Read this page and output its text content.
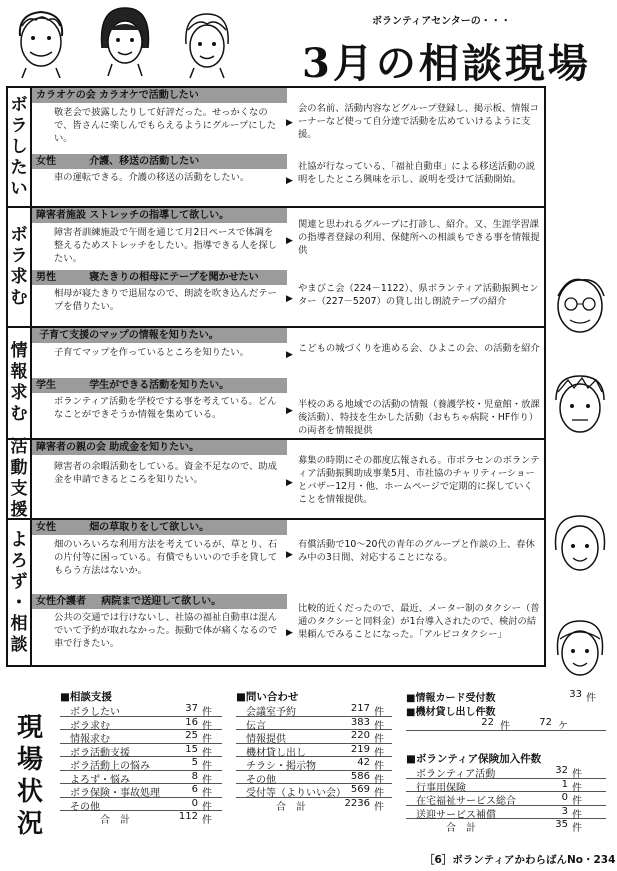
ボランティアセンターの・・・
3月の相談現場
ボ
ラ
し
た
い
カラオケの会 カラオケで活動したい
敬老会で披露したりして好評だった。せっかくなので、皆さんに楽しんでもらえるようにグループにしたい。
▶
会の名前、活動内容などグループ登録し、掲示板、情報コーナーなど使って自分達で活動を広めていけるように支援。
女性	介護、移送の活動したい
車の運転できる。介護の移送の活動をしたい。	▶
社協が行なっている、「福祉自動車」による移送活動の説明をしたところ興味を示し、説明を受けて活動開始。
ボ
ラ
求
む
障害者施設 ストレッチの指導して欲しい。
障害者訓練施設で午間を通じて月2日ペースで体調を整えるためストレッチをしたい。指導できる人を探したい。
▶
関連と思われるグループに打診し、紹介。又、生涯学習課の指導者登録の利用、保健所への相談もできる事を情報提供
男性	寝たきりの相母にテープを聞かせたい
相母が寝たきりで退屈なので、朗読を吹き込んだテープを借りたい。
▶
やまびこ会（224－1122）、県ボランティア活動振興センター（227－5207）の貸し出し朗読テープの紹介
情
報
求
む
子育て支援のマップの情報を知りたい。
子育てマップを作っているところを知りたい。	▶
こどもの城づくりを進める会、ひよこの会、の活動を紹介
学生	学生ができる活動を知りたい。
ボランティア活動を学校でする事を考えている。どんなことができそうか情報を集めている。	▶
半校のある地域での活動の情報（養護学校・児童館・放課後活動）、特技を生かした活動（おもちゃ病院・HF作り）の両者を情報提供
活
動
支
援
障害者の親の会 助成金を知りたい。
障害者の余暇活動をしている。資金不足なので、助成金を申請できるところを知りたい。	▶
募集の時期にその都度広報される。市ボラセンのボランティア活動振興助成事業5月、市社協のチャリティーショーとバザー12月・他、ホームページで定期的に探していくことを情報提供。
よ
ろ
ず
・
相
談
女性	畑の草取りをして欲しい。
畑のいろいろな利用方法を考えているが、草とり、石の片付等に困っている。有償でもいいので手を貸してもらう方法はないか。
▶
有償活動で10～20代の青年のグループと作談の上、春休み中の3日間、対応することになる。
女性介護者 病院まで送迎して欲しい。
公共の交通では行けないし、社協の福祉自動車は混んでいて予約が取れなかった。振動で体が痛くなるので車で行きたい。
▶
比較的近くだったので、最近、メーター制のタクシー（普通のタクシーと同料金）が1台導入されたので、検討の結果頼んでみることになった。「アルビコタクシー」
現場状況
■ 相談支援
ボラしたい	37 件
ボラ求む	16 件
情報求む	25 件
ボラ活動支援	15 件
ボラ活動上の悩み	5 件
よろず・悩み	8 件
ボラ保険・事故処理	6 件
その他	0 件
合　計	112 件
■ 問い合わせ
会議室予約	217 件
伝言	383 件
情報提供	220 件
機材貸し出し	219 件
チラシ・掲示物	42 件
その他	586 件
受付等（よりいい会） 569 件
合　計	2236 件
■情報カード受付数	33 件
■機材貸し出し件数
22 件	72 ケ
■ ボランティア保険加入件数
ボランティア活動	32 件
行事用保険	1 件
在宅福祉サービス総合	0 件
送迎サービス補償	3 件
合　計	35 件
［6］ボランティアかわらばんNo・234
